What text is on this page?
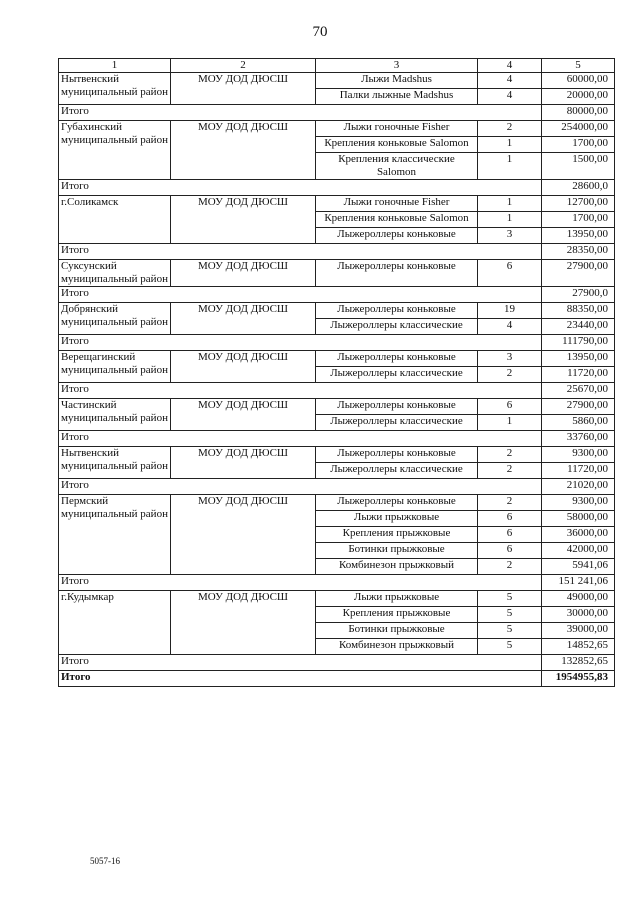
70
1	2	3	4	5
Нытвенский муниципальный район	МОУ ДОД ДЮСШ	Лыжи Madshus	4	60000,00
		Палки лыжные Madshus	4	20000,00
Итого				80000,00
Губахинский муниципальный район	МОУ ДОД ДЮСШ	Лыжи гоночные Fisher	2	254000,00
		Крепления коньковые Salomon	1	1700,00
		Крепления классические Salomon	1	1500,00
Итого				28600,0
г.Соликамск	МОУ ДОД ДЮСШ	Лыжи гоночные Fisher	1	12700,00
		Крепления коньковые Salomon	1	1700,00
		Лыжероллеры коньковые	3	13950,00
Итого				28350,00
Суксунский муниципальный район	МОУ ДОД ДЮСШ	Лыжероллеры коньковые	6	27900,00
Итого				27900,0
Добрянский муниципальный район	МОУ ДОД ДЮСШ	Лыжероллеры коньковые	19	88350,00
		Лыжероллеры классические	4	23440,00
Итого				111790,00
Верещагинский муниципальный район	МОУ ДОД ДЮСШ	Лыжероллеры коньковые	3	13950,00
		Лыжероллеры классические	2	11720,00
Итого				25670,00
Частинский муниципальный район	МОУ ДОД ДЮСШ	Лыжероллеры коньковые	6	27900,00
		Лыжероллеры классические	1	5860,00
Итого				33760,00
Нытвенский муниципальный район	МОУ ДОД ДЮСШ	Лыжероллеры коньковые	2	9300,00
		Лыжероллеры классические	2	11720,00
Итого				21020,00
Пермский муниципальный район	МОУ ДОД ДЮСШ	Лыжероллеры коньковые	2	9300,00
		Лыжи прыжковые	6	58000,00
		Крепления прыжковые	6	36000,00
		Ботинки прыжковые	6	42000,00
		Комбинезон прыжковый	2	5941,06
Итого				151 241,06
г.Кудымкар	МОУ ДОД ДЮСШ	Лыжи прыжковые	5	49000,00
		Крепления прыжковые	5	30000,00
		Ботинки прыжковые	5	39000,00
		Комбинезон прыжковый	5	14852,65
Итого				132852,65
Итого				1954955,83
5057-16
